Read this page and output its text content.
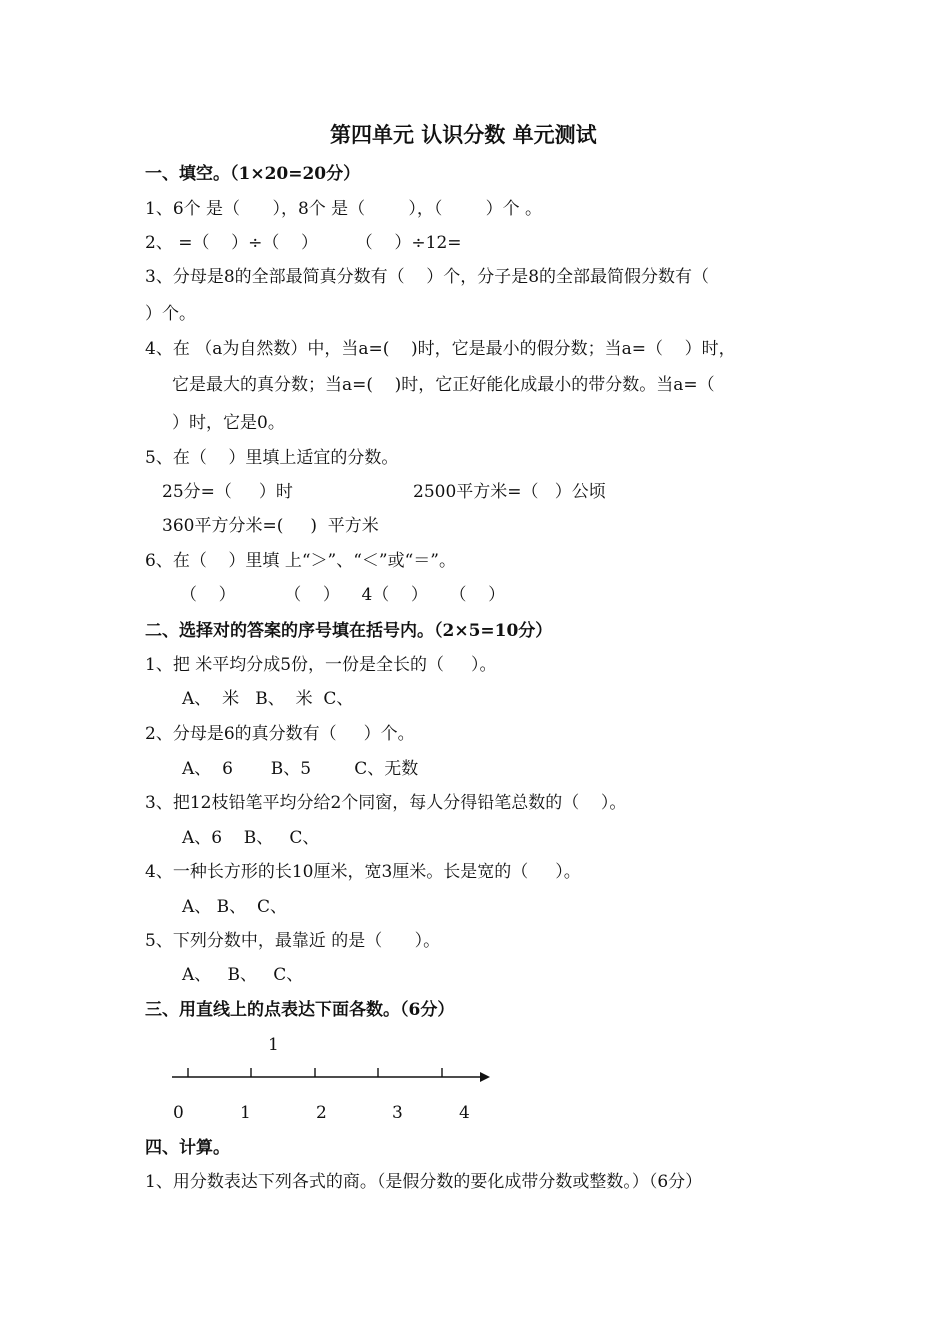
第四单元 认识分数 单元测试
一、填空。（1×20=20分）
1、6个 是（      ），8个 是（        ），（        ）个 。
2、 =（    ）÷（    ）       （    ）÷12=
3、分母是8的全部最简真分数有（    ）个，分子是8的全部最简假分数有（
）个。
4、在 （a为自然数）中，当a=(    )时，它是最小的假分数；当a=（    ）时，
它是最大的真分数；当a=(    )时，它正好能化成最小的带分数。当a=（
）时，它是0。
5、在（    ）里填上适宜的分数。
25分=（     ）时	2500平方米=（   ）公顷
360平方分米=(     )  平方米
6、在（    ）里填 上“＞”、“＜”或“＝”。
（    ）         （    ）    4（    ）    （    ）
二、选择对的答案的序号填在括号内。（2×5=10分）
1、把 米平均分成5份，一份是全长的（     ）。
A、  米   B、  米  C、
2、分母是6的真分数有（     ）个。
A、  6       B、5        C、无数
3、把12枝铅笔平均分给2个同窗，每人分得铅笔总数的（    ）。
A、6    B、   C、
4、一种长方形的长10厘米，宽3厘米。长是宽的（     ）。
A、 B、  C、
5、下列分数中，最靠近 的是（      ）。
A、   B、   C、
三、用直线上的点表达下面各数。（6分）
1
0	1	2	3	4
四、计算。
1、用分数表达下列各式的商。（是假分数的要化成带分数或整数。）（6分）
